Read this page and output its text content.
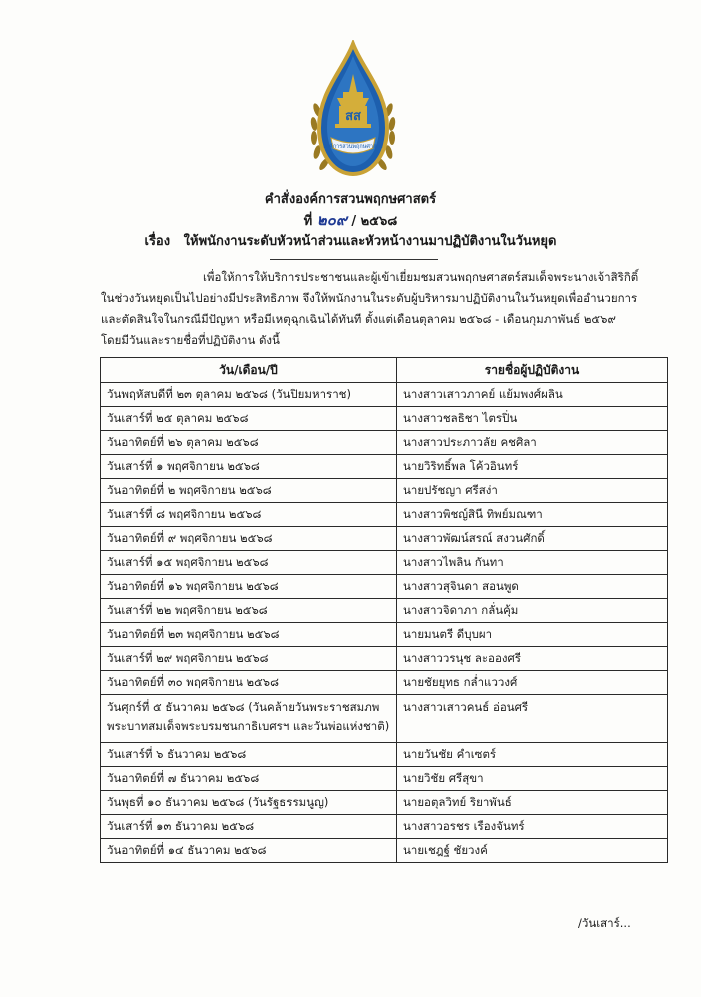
สส
องค์การสวนพฤกษศาสตร์
คำสั่งองค์การสวนพฤกษศาสตร์
ที่ ๒๐๙ / ๒๕๖๘
เรื่อง ให้พนักงานระดับหัวหน้าส่วนและหัวหน้างานมาปฏิบัติงานในวันหยุด

เพื่อให้การให้บริการประชาชนและผู้เข้าเยี่ยมชมสวนพฤกษศาสตร์สมเด็จพระนางเจ้าสิริกิติ์

ในช่วงวันหยุดเป็นไปอย่างมีประสิทธิภาพ จึงให้พนักงานในระดับผู้บริหารมาปฏิบัติงานในวันหยุดเพื่ออำนวยการ

และตัดสินใจในกรณีมีปัญหา หรือมีเหตุฉุกเฉินได้ทันที ตั้งแต่เดือนตุลาคม ๒๕๖๘ - เดือนกุมภาพันธ์ ๒๕๖๙

โดยมีวันและรายชื่อที่ปฏิบัติงาน ดังนี้

วัน/เดือน/ปี	รายชื่อผู้ปฏิบัติงาน
วันพฤหัสบดีที่ ๒๓ ตุลาคม ๒๕๖๘ (วันปิยมหาราช)	นางสาวเสาวภาคย์ แย้มพงศ์ผลิน
วันเสาร์ที่ ๒๕ ตุลาคม ๒๕๖๘	นางสาวชลธิชา ไตรปิ่น
วันอาทิตย์ที่ ๒๖ ตุลาคม ๒๕๖๘	นางสาวประภาวลัย คชศิลา
วันเสาร์ที่ ๑ พฤศจิกายน ๒๕๖๘	นายวิริทธิ์พล โค้วอินทร์
วันอาทิตย์ที่ ๒ พฤศจิกายน ๒๕๖๘	นายปรัชญา ศรีสง่า
วันเสาร์ที่ ๘ พฤศจิกายน ๒๕๖๘	นางสาวพิชญ์สินี ทิพย์มณฑา
วันอาทิตย์ที่ ๙ พฤศจิกายน ๒๕๖๘	นางสาวพัฒน์สรณ์ สงวนศักดิ์
วันเสาร์ที่ ๑๕ พฤศจิกายน ๒๕๖๘	นางสาวไพลิน กันทา
วันอาทิตย์ที่ ๑๖ พฤศจิกายน ๒๕๖๘	นางสาวสุจินดา สอนพูด
วันเสาร์ที่ ๒๒ พฤศจิกายน ๒๕๖๘	นางสาวจิดาภา กลั่นคุ้ม
วันอาทิตย์ที่ ๒๓ พฤศจิกายน ๒๕๖๘	นายมนตรี ดีบุบผา
วันเสาร์ที่ ๒๙ พฤศจิกายน ๒๕๖๘	นางสาววรนุช ละอองศรี
วันอาทิตย์ที่ ๓๐ พฤศจิกายน ๒๕๖๘	นายชัยยุทธ กล่ำแววงศ์
วันศุกร์ที่ ๕ ธันวาคม ๒๕๖๘ (วันคล้ายวันพระราชสมภพ พระบาทสมเด็จพระบรมชนกาธิเบศรฯ และวันพ่อแห่งชาติ)	นางสาวเสาวคนธ์ อ่อนศรี
วันเสาร์ที่ ๖ ธันวาคม ๒๕๖๘	นายวันชัย คำเซตร์
วันอาทิตย์ที่ ๗ ธันวาคม ๒๕๖๘	นายวิชัย ศรีสุขา
วันพุธที่ ๑๐ ธันวาคม ๒๕๖๘ (วันรัฐธรรมนูญ)	นายอตุลวิทย์ ริยาพันธ์
วันเสาร์ที่ ๑๓ ธันวาคม ๒๕๖๘	นางสาวอรชร เรืองจันทร์
วันอาทิตย์ที่ ๑๔ ธันวาคม ๒๕๖๘	นายเชฎฐ์ ชัยวงค์
/วันเสาร์...
